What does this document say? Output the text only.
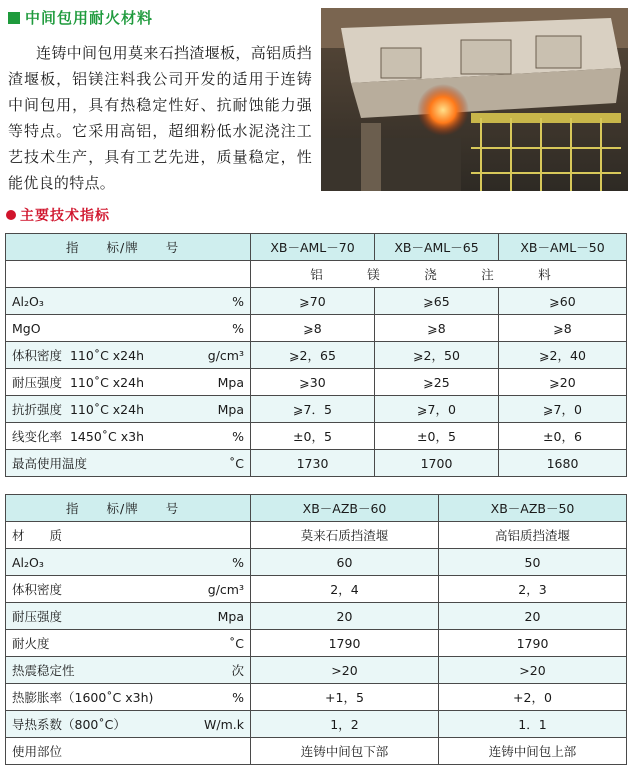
中间包用耐火材料
连铸中间包用莫来石挡渣堰板，高铝质挡渣堰板，铝镁注料我公司开发的适用于连铸中间包用，具有热稳定性好、抗耐蚀能力强等特点。它采用高铝，超细粉低水泥浇注工艺技术生产，具有工艺先进，质量稳定，性能优良的特点。
主要技术指标
指　　标/牌　　号	XB－AML－70	XB－AML－65	XB－AML－50
	铝　镁　浇　注　料		

Al₂O₃ %	⩾70	⩾65	⩾60

MgO %	⩾8	⩾8	⩾8

体积密度 110˚C x24h g/cm³	⩾2，65	⩾2，50	⩾2，40

耐压强度 110˚C x24h Mpa	⩾30	⩾25	⩾20

抗折强度 110˚C x24h Mpa	⩾7．5	⩾7，0	⩾7，0

线变化率 1450˚C x3h %	±0，5	±0，5	±0，6

最高使用温度 ˚C	1730	1700	1680
指　　标/牌　　号	XB－AZB－60	XB－AZB－50

材　　质	莫来石质挡渣堰	高铝质挡渣堰

Al₂O₃ %	60	50

体积密度 g/cm³	2，4	2，3

耐压强度 Mpa	20	20

耐火度 ˚C	1790	1790

热震稳定性 次	>20	>20

热膨胀率（1600˚C x3h) %	+1，5	+2，0

导热系数（800˚C） W/m.k	1，2	1．1

使用部位	连铸中间包下部	连铸中间包上部
